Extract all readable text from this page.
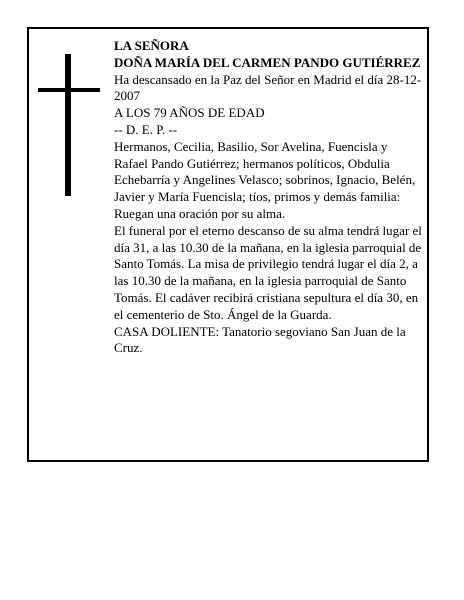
LA SEÑORA

DOÑA MARÍA DEL CARMEN PANDO GUTIÉRREZ

Ha descansado en la Paz del Señor en Madrid el día 28-12-2007

A LOS 79 AÑOS DE EDAD

-- D. E. P. --

Hermanos, Cecilia, Basilio, Sor Avelina, Fuencisla y Rafael Pando Gutiérrez; hermanos políticos, Obdulia Echebarría y Angelines Velasco; sobrinos, Ignacio, Belén, Javier y María Fuencisla; tíos, primos y demás familia:

Ruegan una oración por su alma.

El funeral por el eterno descanso de su alma tendrá lugar el día 31, a las 10.30 de la mañana, en la iglesia parroquial de Santo Tomás. La misa de privilegio tendrá lugar el día 2, a las 10.30 de la mañana, en la iglesia parroquial de Santo Tomás. El cadáver recibirá cristiana sepultura el día 30, en el cementerio de Sto. Ángel de la Guarda.

CASA DOLIENTE: Tanatorio segoviano San Juan de la Cruz.
